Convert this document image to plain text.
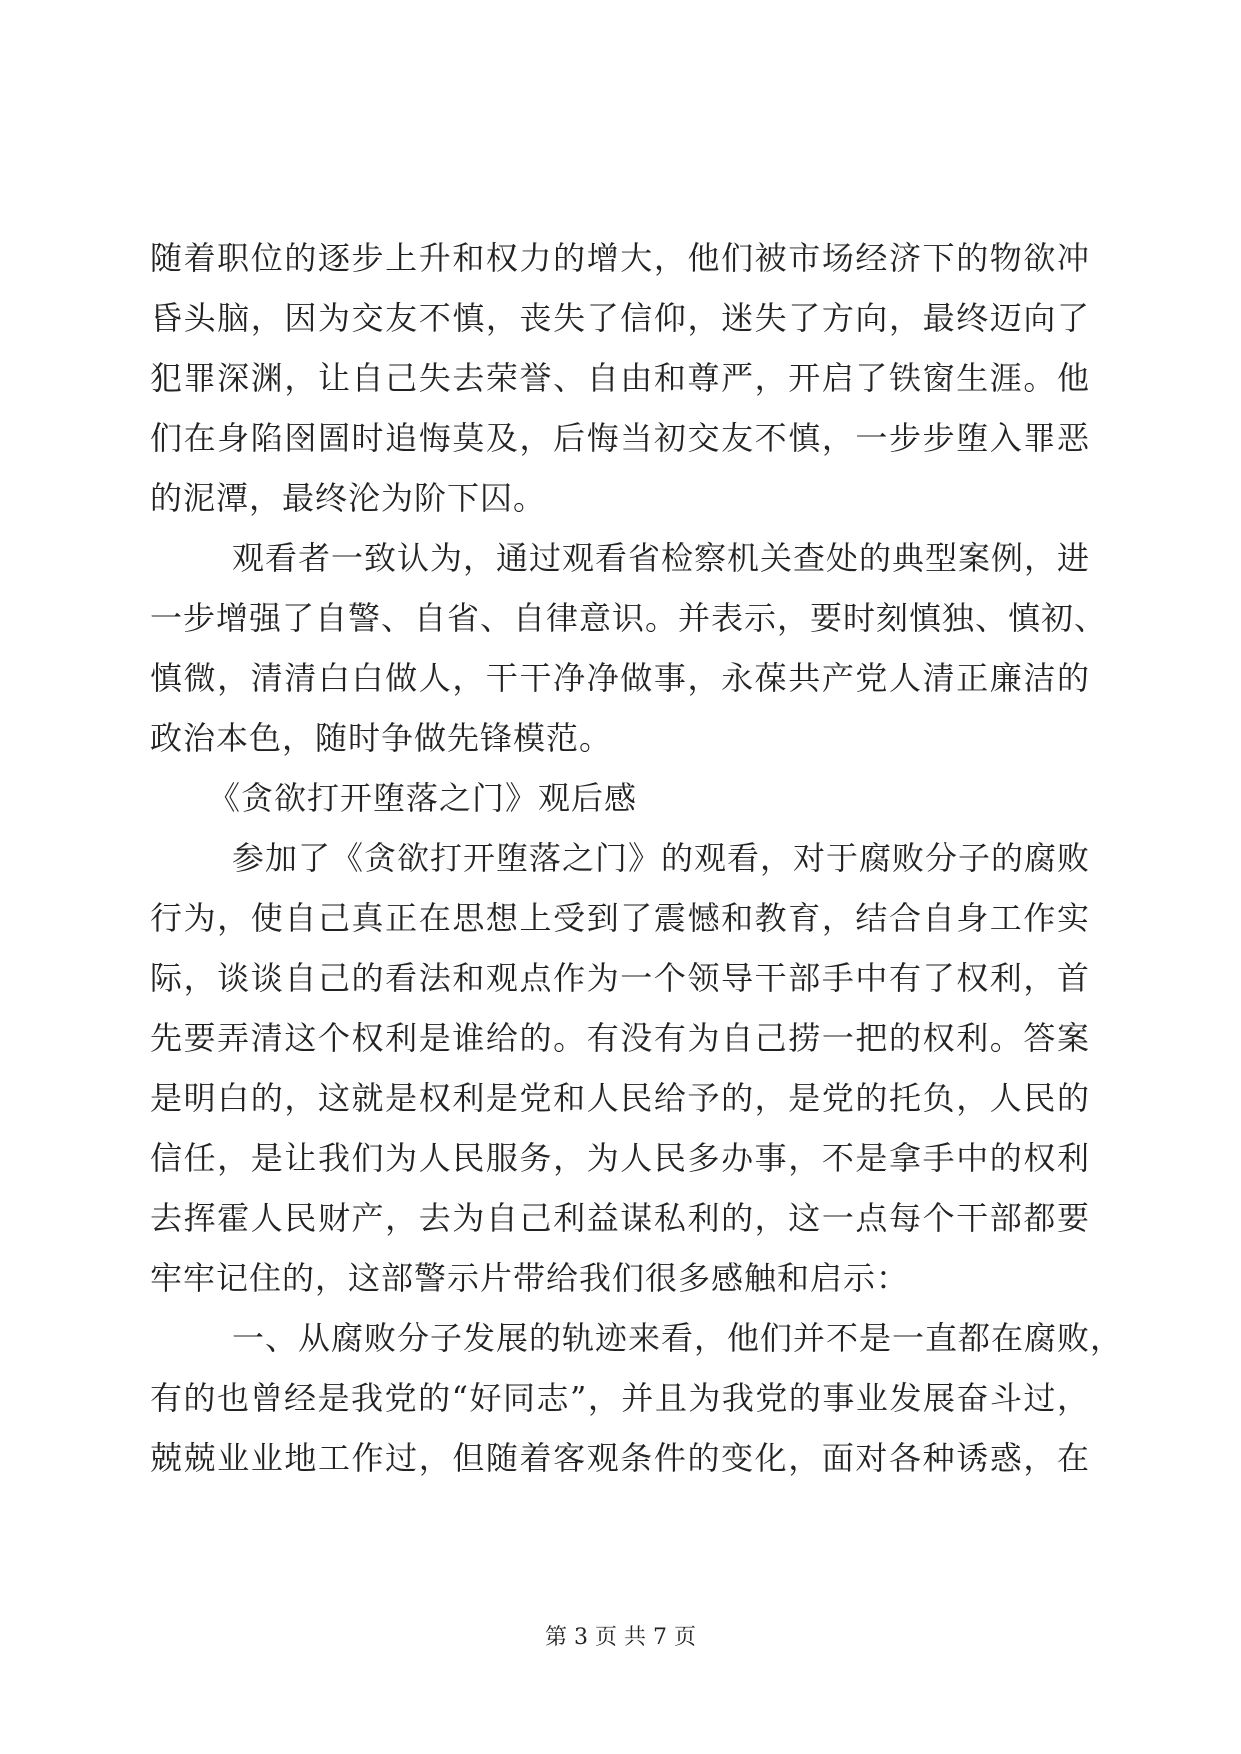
随着职位的逐步上升和权力的增大，他们被市场经济下的物欲冲
昏头脑，因为交友不慎，丧失了信仰，迷失了方向，最终迈向了
犯罪深渊，让自己失去荣誉、自由和尊严，开启了铁窗生涯。他
们在身陷囹圄时追悔莫及，后悔当初交友不慎，一步步堕入罪恶
的泥潭，最终沦为阶下囚。
观看者一致认为，通过观看省检察机关查处的典型案例，进
一步增强了自警、自省、自律意识。并表示，要时刻慎独、慎初、
慎微，清清白白做人，干干净净做事，永葆共产党人清正廉洁的
政治本色，随时争做先锋模范。
《贪欲打开堕落之门》观后感
参加了《贪欲打开堕落之门》的观看，对于腐败分子的腐败
行为，使自己真正在思想上受到了震憾和教育，结合自身工作实
际，谈谈自己的看法和观点作为一个领导干部手中有了权利，首
先要弄清这个权利是谁给的。有没有为自己捞一把的权利。答案
是明白的，这就是权利是党和人民给予的，是党的托负，人民的
信任，是让我们为人民服务，为人民多办事，不是拿手中的权利
去挥霍人民财产，去为自己利益谋私利的，这一点每个干部都要
牢牢记住的，这部警示片带给我们很多感触和启示：
一、从腐败分子发展的轨迹来看，他们并不是一直都在腐败，
有的也曾经是我党的“好同志”，并且为我党的事业发展奋斗过，
兢兢业业地工作过，但随着客观条件的变化，面对各种诱惑，在
第 3 页 共 7 页
